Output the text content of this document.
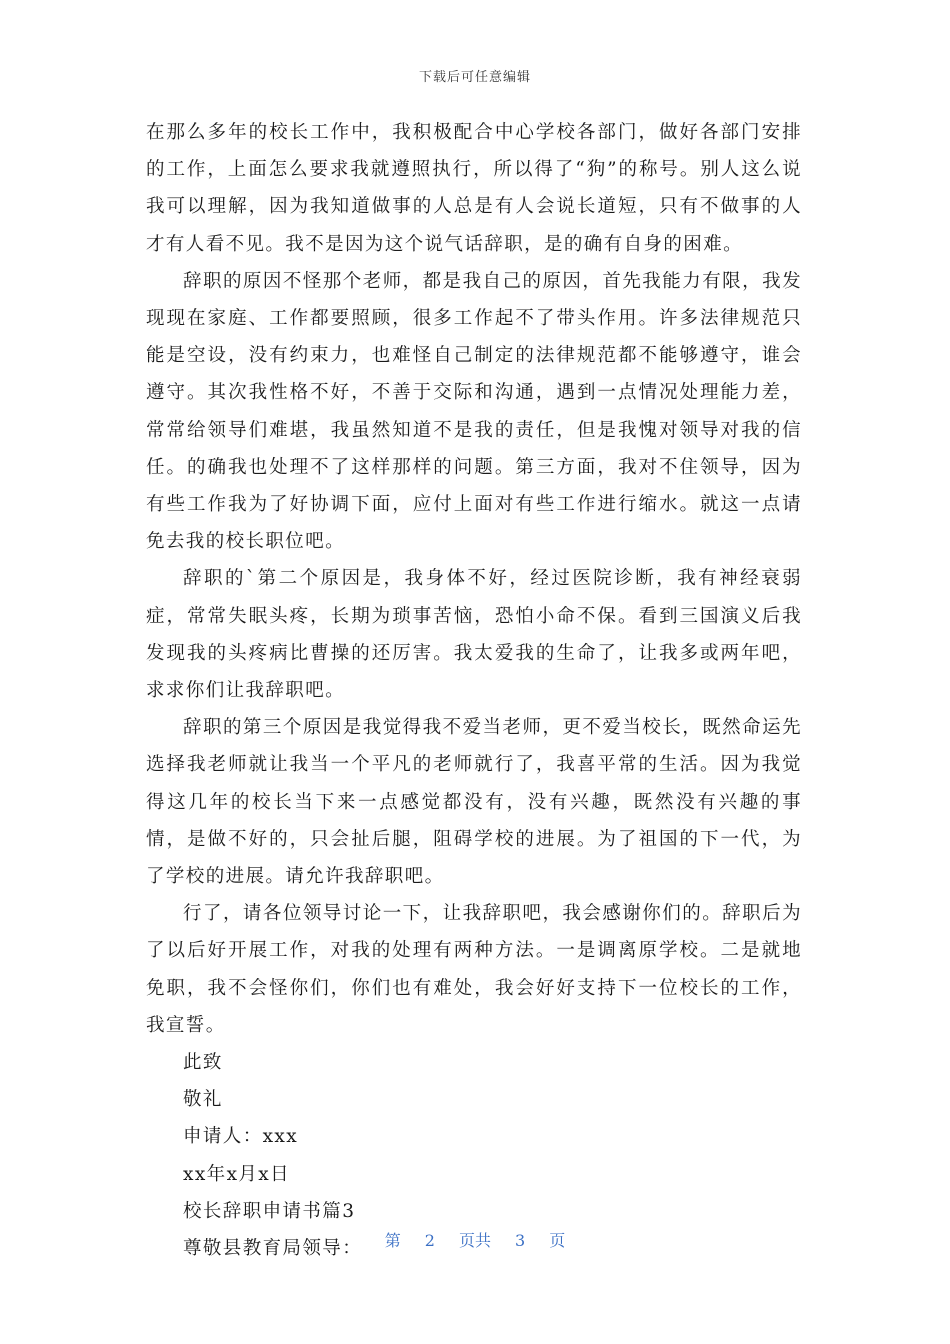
下载后可任意编辑

在那么多年的校长工作中，我积极配合中心学校各部门，做好各部门安排的工作，上面怎么要求我就遵照执行，所以得了“狗”的称号。别人这么说我可以理解，因为我知道做事的人总是有人会说长道短，只有不做事的人才有人看不见。我不是因为这个说气话辞职，是的确有自身的困难。

辞职的原因不怪那个老师，都是我自己的原因，首先我能力有限，我发现现在家庭、工作都要照顾，很多工作起不了带头作用。许多法律规范只能是空设，没有约束力，也难怪自己制定的法律规范都不能够遵守，谁会遵守。其次我性格不好，不善于交际和沟通，遇到一点情况处理能力差，常常给领导们难堪，我虽然知道不是我的责任，但是我愧对领导对我的信任。的确我也处理不了这样那样的问题。第三方面，我对不住领导，因为有些工作我为了好协调下面，应付上面对有些工作进行缩水。就这一点请免去我的校长职位吧。

辞职的`第二个原因是，我身体不好，经过医院诊断，我有神经衰弱症，常常失眠头疼，长期为琐事苦恼，恐怕小命不保。看到三国演义后我发现我的头疼病比曹操的还厉害。我太爱我的生命了，让我多或两年吧，求求你们让我辞职吧。

辞职的第三个原因是我觉得我不爱当老师，更不爱当校长，既然命运先选择我老师就让我当一个平凡的老师就行了，我喜平常的生活。因为我觉得这几年的校长当下来一点感觉都没有，没有兴趣，既然没有兴趣的事情，是做不好的，只会扯后腿，阻碍学校的进展。为了祖国的下一代，为了学校的进展。请允许我辞职吧。

行了，请各位领导讨论一下，让我辞职吧，我会感谢你们的。辞职后为了以后好开展工作，对我的处理有两种方法。一是调离原学校。二是就地免职，我不会怪你们，你们也有难处，我会好好支持下一位校长的工作，我宣誓。

此致

敬礼

申请人：xxx

xx年x月x日

校长辞职申请书篇3

尊敬县教育局领导：	第 2 页共 3 页
